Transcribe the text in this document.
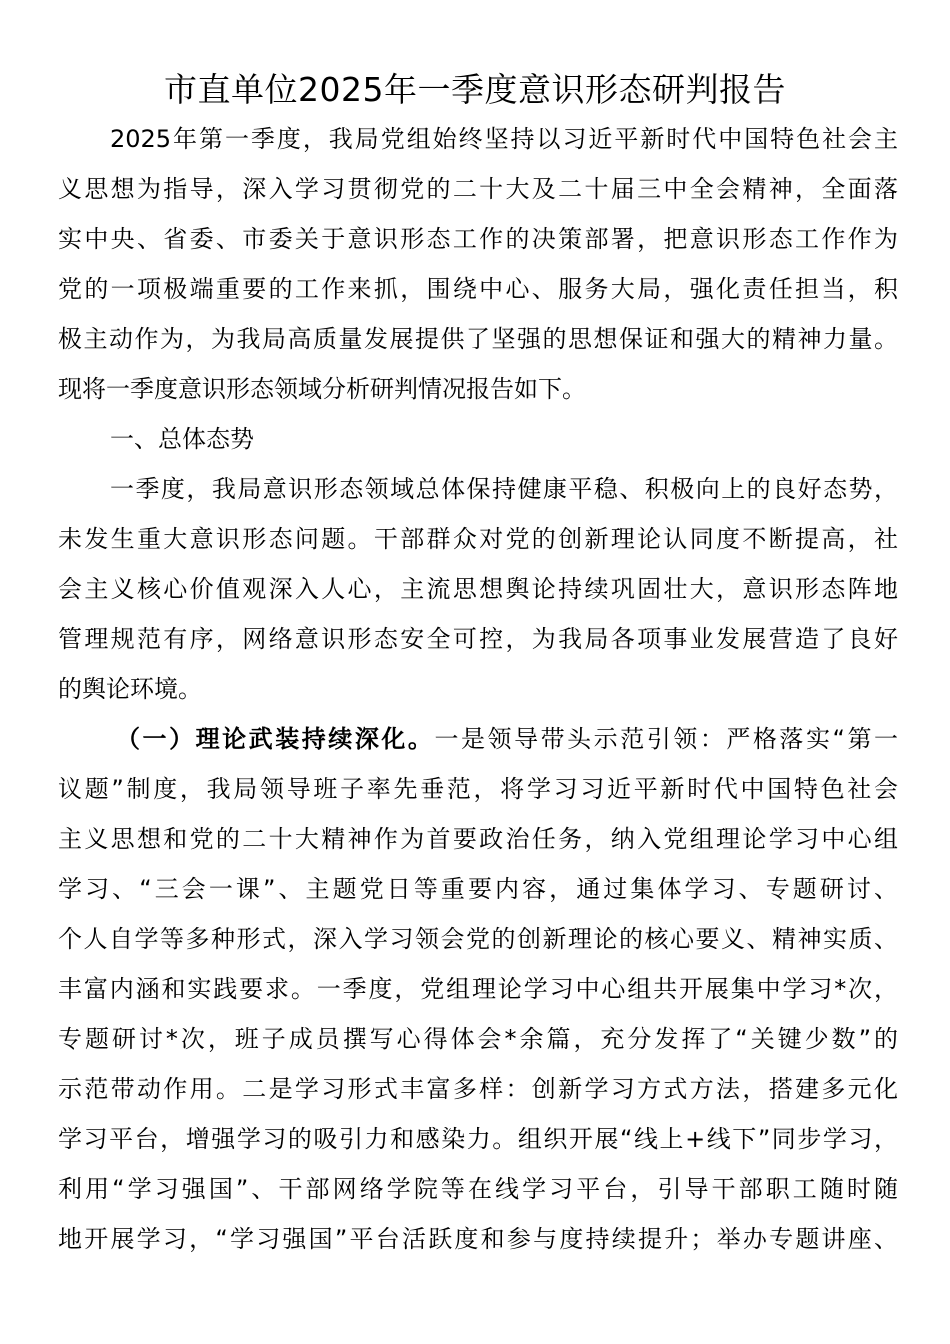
市直单位2025年一季度意识形态研判报告
2025年第一季度，我局党组始终坚持以习近平新时代中国特色社会主
义思想为指导，深入学习贯彻党的二十大及二十届三中全会精神，全面落
实中央、省委、市委关于意识形态工作的决策部署，把意识形态工作作为
党的一项极端重要的工作来抓，围绕中心、服务大局，强化责任担当，积
极主动作为，为我局高质量发展提供了坚强的思想保证和强大的精神力量。
现将一季度意识形态领域分析研判情况报告如下。
一、总体态势
一季度，我局意识形态领域总体保持健康平稳、积极向上的良好态势，
未发生重大意识形态问题。干部群众对党的创新理论认同度不断提高，社
会主义核心价值观深入人心，主流思想舆论持续巩固壮大，意识形态阵地
管理规范有序，网络意识形态安全可控，为我局各项事业发展营造了良好
的舆论环境。
（一）理论武装持续深化。一是领导带头示范引领：严格落实“第一
议题”制度，我局领导班子率先垂范，将学习习近平新时代中国特色社会
主义思想和党的二十大精神作为首要政治任务，纳入党组理论学习中心组
学习、“三会一课”、主题党日等重要内容，通过集体学习、专题研讨、
个人自学等多种形式，深入学习领会党的创新理论的核心要义、精神实质、
丰富内涵和实践要求。一季度，党组理论学习中心组共开展集中学习*次，
专题研讨*次，班子成员撰写心得体会*余篇，充分发挥了“关键少数”的
示范带动作用。二是学习形式丰富多样：创新学习方式方法，搭建多元化
学习平台，增强学习的吸引力和感染力。组织开展“线上+线下”同步学习，
利用“学习强国”、干部网络学院等在线学习平台，引导干部职工随时随
地开展学习，“学习强国”平台活跃度和参与度持续提升；举办专题讲座、
